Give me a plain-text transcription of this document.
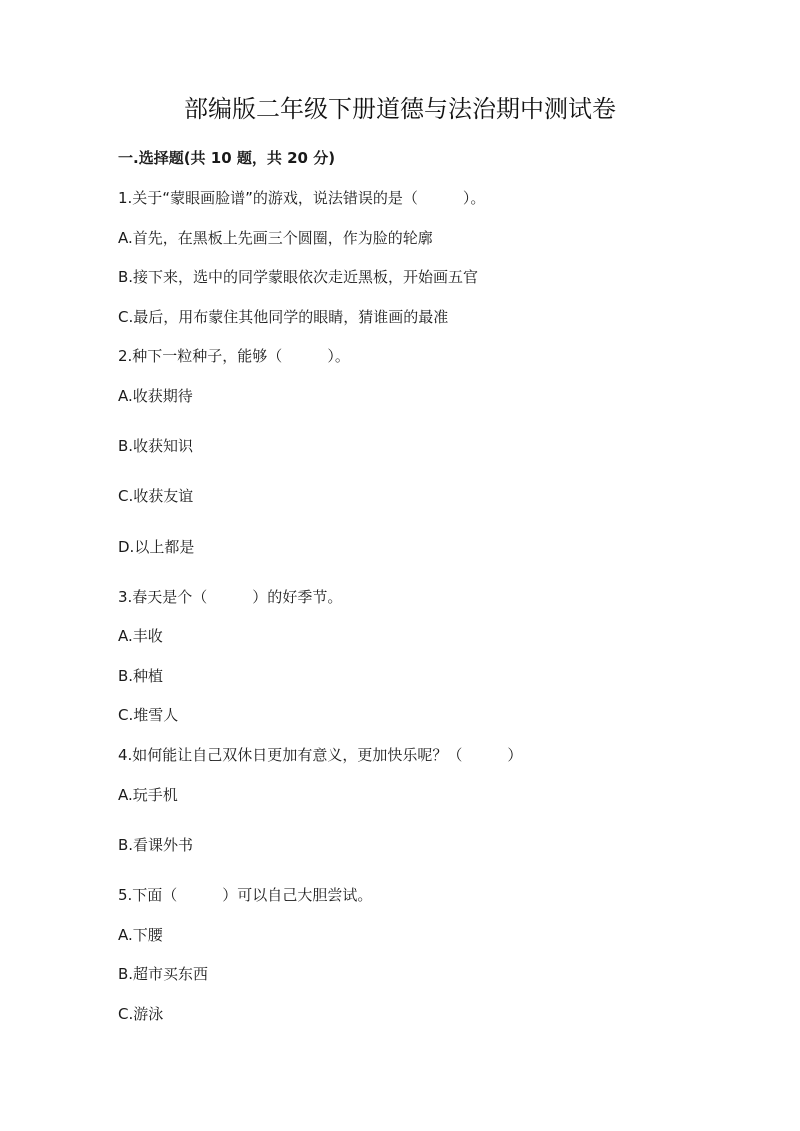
部编版二年级下册道德与法治期中测试卷
一.选择题(共 10 题，共 20 分)
1.关于“蒙眼画脸谱”的游戏，说法错误的是（　　　）。
A.首先，在黑板上先画三个圆圈，作为脸的轮廓
B.接下来，选中的同学蒙眼依次走近黑板，开始画五官
C.最后，用布蒙住其他同学的眼睛，猜谁画的最准
2.种下一粒种子，能够（　　　）。
A.收获期待
B.收获知识
C.收获友谊
D.以上都是
3.春天是个（　　　）的好季节。
A.丰收
B.种植
C.堆雪人
4.如何能让自己双休日更加有意义，更加快乐呢？（　　　）
A.玩手机
B.看课外书
5.下面（　　　）可以自己大胆尝试。
A.下腰
B.超市买东西
C.游泳
